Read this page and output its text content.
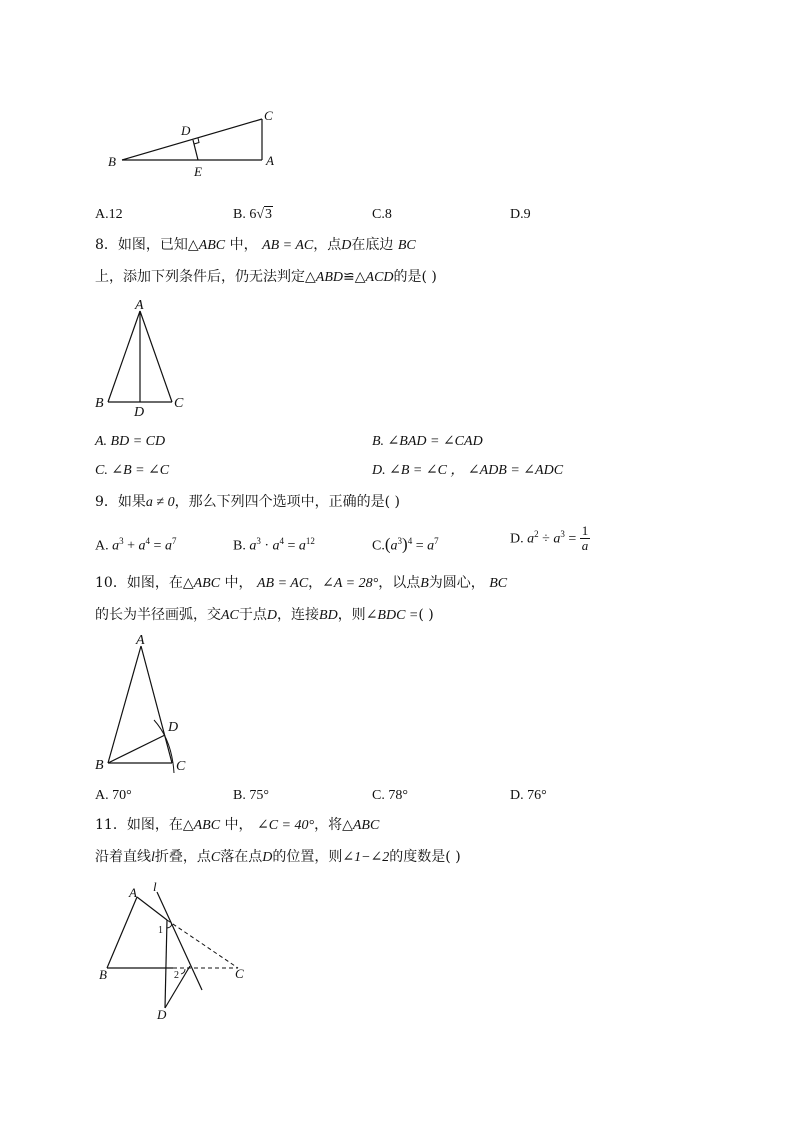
B
D
C
A
E
A.12	B. 6√3	C.8	D.9
8．如图，已知△ABC 中， AB = AC，点D在底边 BC
上，添加下列条件后，仍无法判定△ABD≌△ACD的是( )
A
B	C
D
A. BD = CD	B. ∠BAD = ∠CAD
C. ∠B = ∠C	D. ∠B = ∠C ， ∠ADB = ∠ADC
9．如果a ≠ 0，那么下列四个选项中，正确的是( )
A. $a^3 + a^4 = a^7$	B. $a^3 \cdot a^4 = a^{12}$	$C.(a^3)^4 = a^7$	D. $a^2 \div a^3 = \frac{1}{a}$
10．如图，在△ABC 中， AB = AC，∠A = 28°，以点B为圆心， BC
的长为半径画弧，交AC于点D，连接BD，则∠BDC =( )
A
B	C
D
A. 70°	B. 75°	C. 78°	D. 76°
11．如图，在△ABC 中， ∠C = 40°，将△ABC
沿着直线l折叠，点C落在点D的位置，则∠1−∠2的度数是( )
A l
1
2
B	C
D
